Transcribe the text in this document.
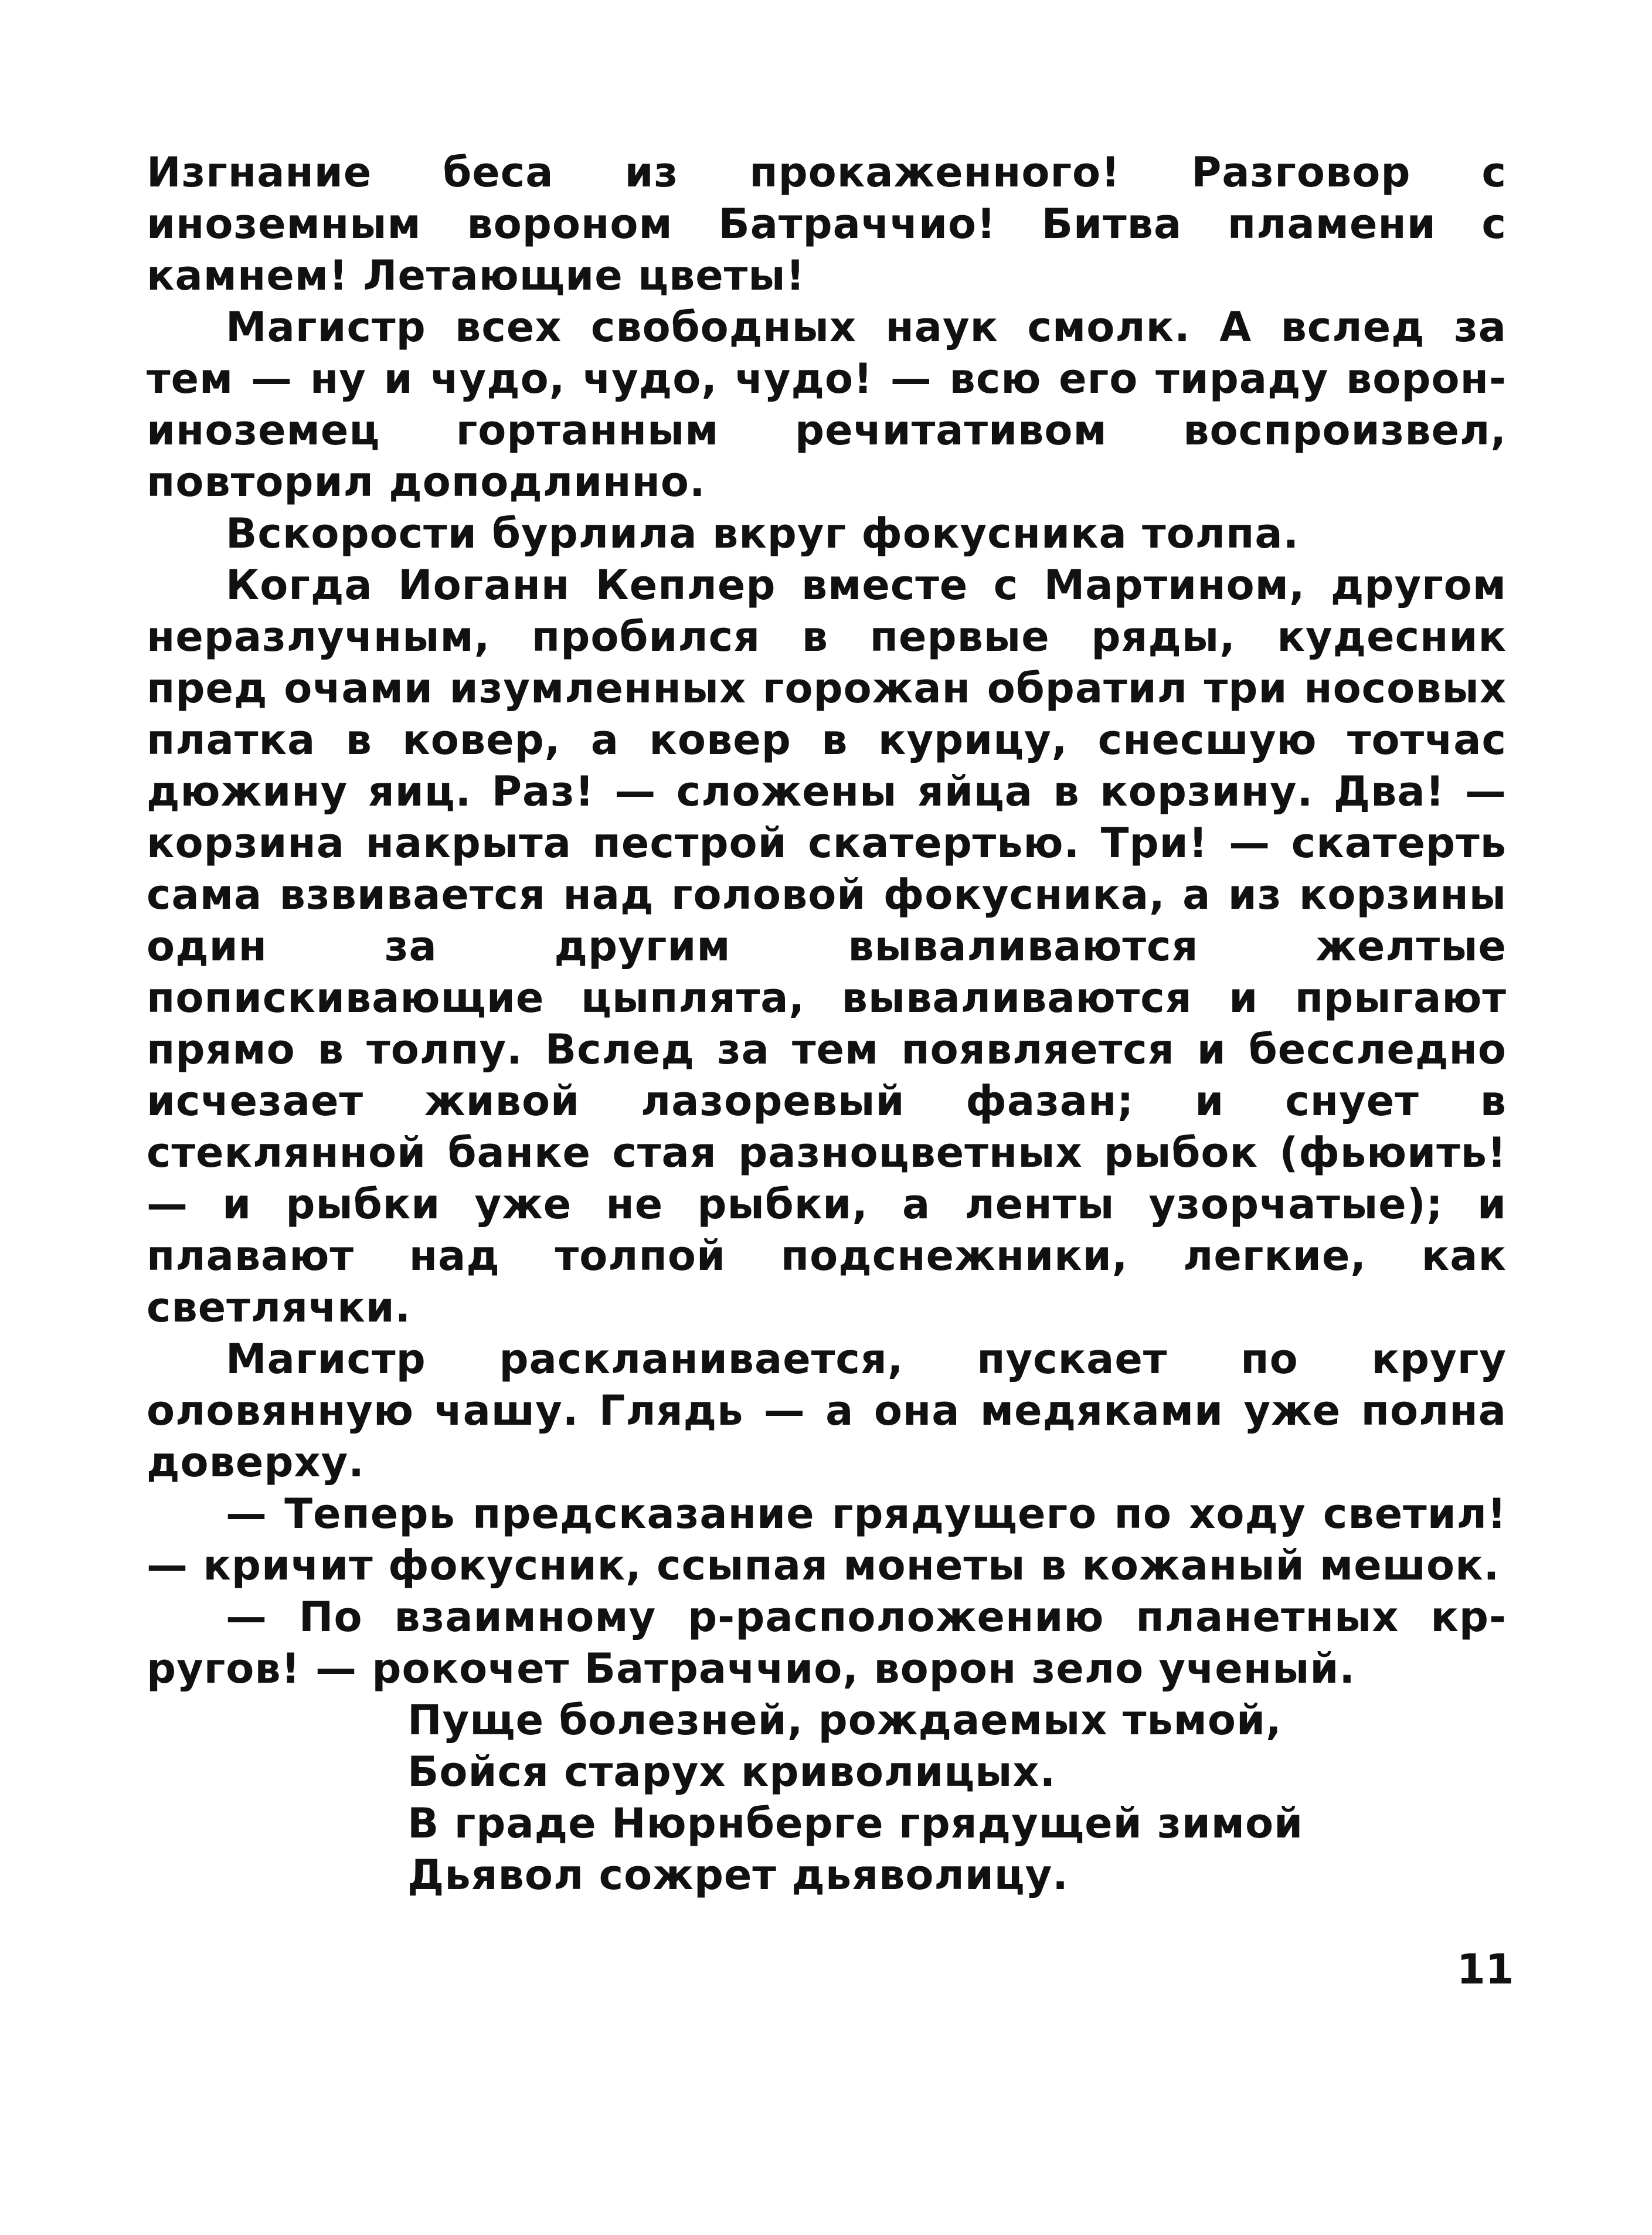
Изгнание беса из прокаженного! Разговор с иноземным вороном Батраччио! Битва пламени с камнем! Летающие цветы!

Магистр всех свободных наук смолк. А вслед за тем — ну и чудо, чудо, чудо! — всю его тираду ворон-иноземец гортанным речитативом воспроизвел, повторил доподлинно.

Вскорости бурлила вкруг фокусника толпа.

Когда Иоганн Кеплер вместе с Мартином, другом неразлучным, пробился в первые ряды, кудесник пред очами изумленных горожан обратил три носовых платка в ковер, а ковер в курицу, снесшую тотчас дюжину яиц. Раз! — сложены яйца в корзину. Два! — корзина накрыта пестрой скатертью. Три! — скатерть сама взвивается над головой фокусника, а из корзины один за другим вываливаются желтые попискивающие цыплята, вываливаются и прыгают прямо в толпу. Вслед за тем появляется и бесследно исчезает живой лазоревый фазан; и снует в стеклянной банке стая разноцветных рыбок (фьюить! — и рыбки уже не рыбки, а ленты узорчатые); и плавают над толпой подснежники, легкие, как светлячки.

Магистр раскланивается, пускает по кругу оловянную чашу. Глядь — а она медяками уже полна доверху.

— Теперь предсказание грядущего по ходу светил! — кричит фокусник, ссыпая монеты в кожаный мешок.

— По взаимному р-расположению планетных кр-ругов! — рокочет Батраччио, ворон зело ученый.

Пуще болезней, рождаемых тьмой,

Бойся старух криволицых.

В граде Нюрнберге грядущей зимой

Дьявол сожрет дьяволицу.

11
